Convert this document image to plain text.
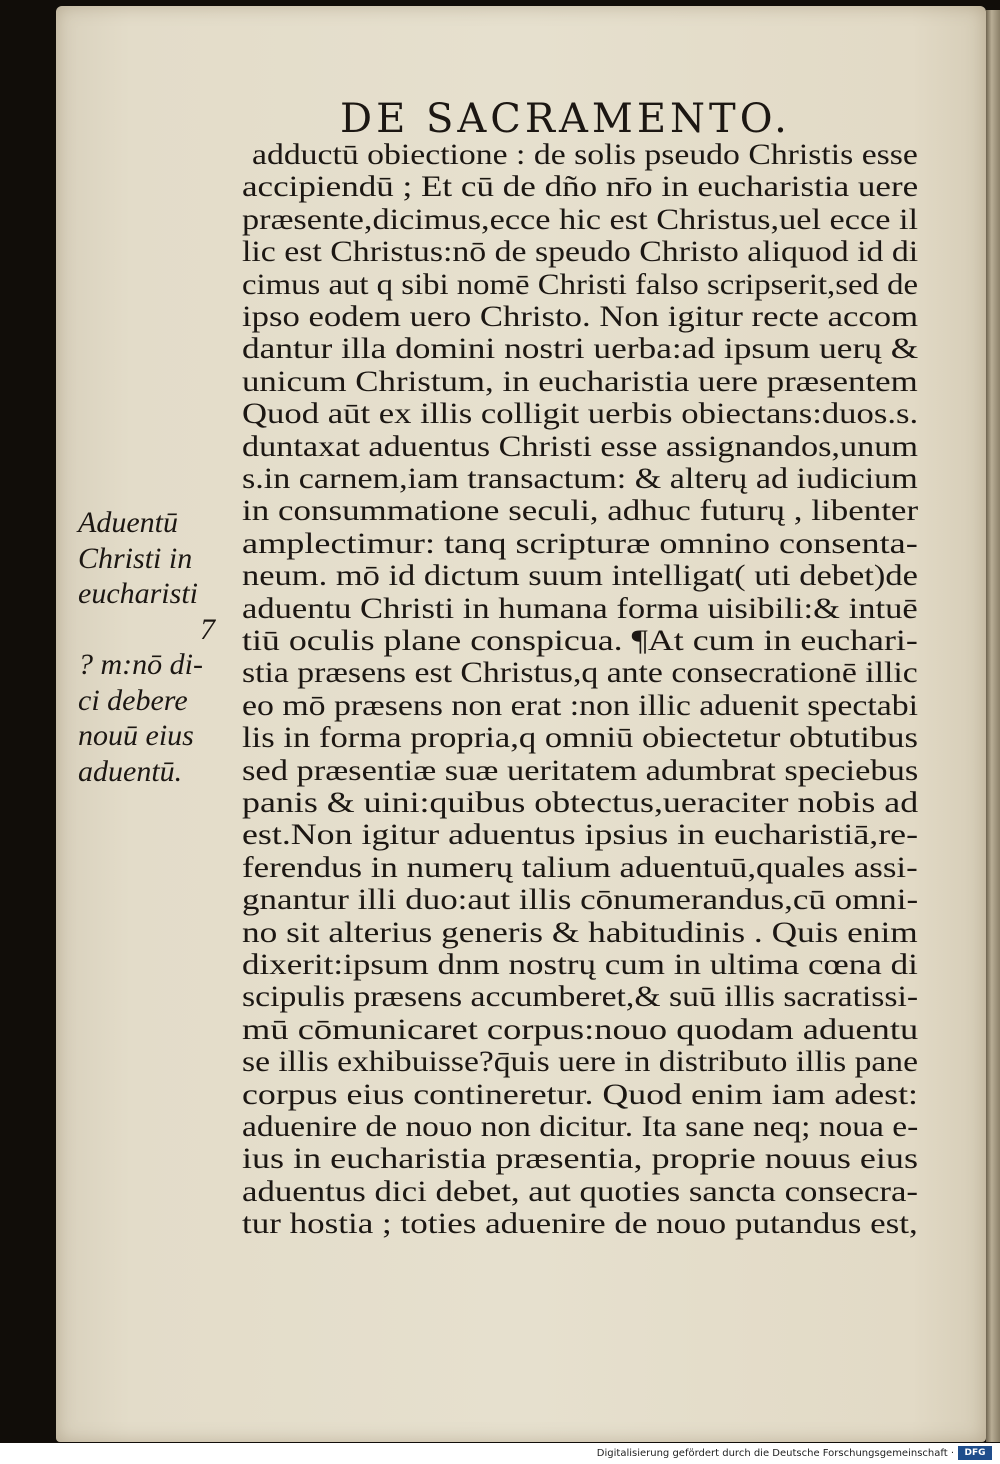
DE SACRAMENTO.
adductū obiectione : de solis pseudo Christis esse
accipiendū ; Et cū de dño nr̄o in eucharistia uere
præsente,dicimus,ecce hic est Christus,uel ecce il
lic est Christus:nō de speudo Christo aliquod id di
cimus aut q sibi nomē Christi falso scripserit,sed de
ipso eodem uero Christo. Non igitur recte accom
dantur illa domini nostri uerba:ad ipsum uerų &
unicum Christum, in eucharistia uere præsentem
Quod aūt ex illis colligit uerbis obiectans:duos.s.
duntaxat aduentus Christi esse assignandos,unum
s.in carnem,iam transactum: & alterų ad iudicium
in consummatione seculi, adhuc futurų , libenter
amplectimur: tanq scripturæ omnino consenta-
neum. mō id dictum suum intelligat( uti debet)de
aduentu Christi in humana forma uisibili:& intuē
tiū oculis plane conspicua. ¶At cum in euchari-
stia præsens est Christus,q ante consecrationē illic
eo mō præsens non erat :non illic aduenit spectabi
lis in forma propria,q omniū obiectetur obtutibus
sed præsentiæ suæ ueritatem adumbrat speciebus
panis & uini:quibus obtectus,ueraciter nobis ad
est.Non igitur aduentus ipsius in eucharistiā,re-
ferendus in numerų talium aduentuū,quales assi-
gnantur illi duo:aut illis cōnumerandus,cū omni-
no sit alterius generis & habitudinis . Quis enim
dixerit:ipsum dnm nostrų cum in ultima cœna di
scipulis præsens accumberet,& suū illis sacratissi-
mū cōmunicaret corpus:nouo quodam aduentu
se illis exhibuisse?q̄uis uere in distributo illis pane
corpus eius contineretur. Quod enim iam adest:
aduenire de nouo non dicitur. Ita sane neq; noua e-
ius in eucharistia præsentia, proprie nouus eius
aduentus dici debet, aut quoties sancta consecra-
tur hostia ; toties aduenire de nouo putandus est,
Aduentū
Christi in
eucharisti
7
? m:nō di-
ci debere
nouū eius
aduentū.
Digitalisierung gefördert durch die Deutsche Forschungsgemeinschaft ·	DFG
